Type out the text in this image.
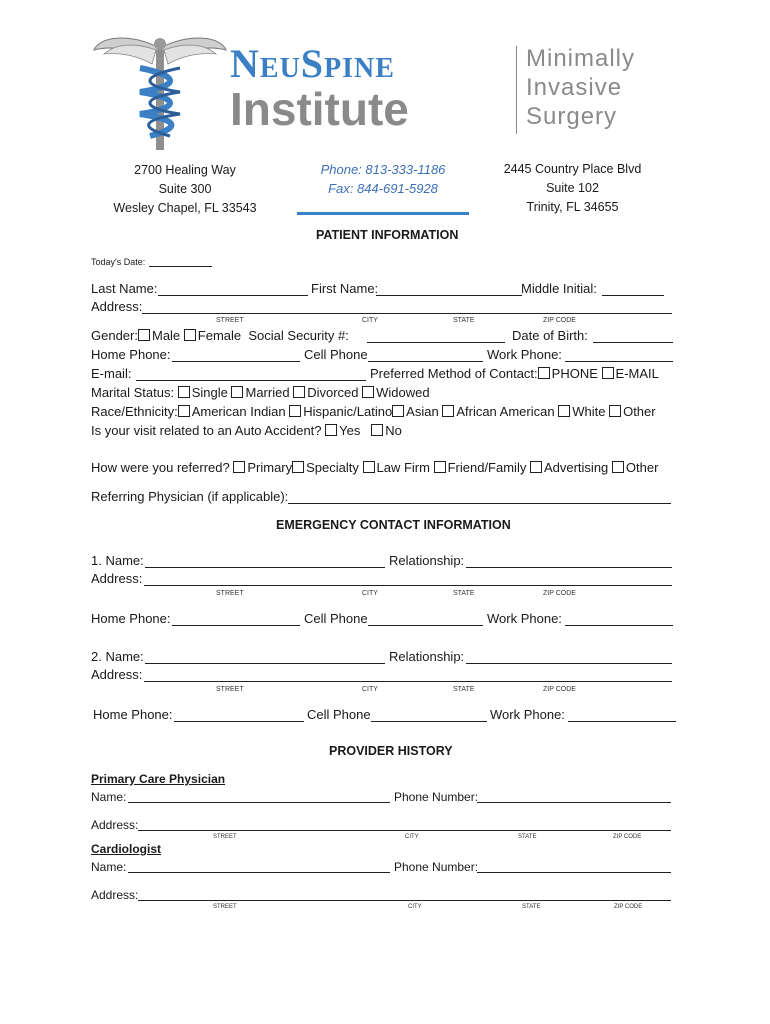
NeuSpine
Institute
Minimally
Invasive
Surgery
2700 Healing Way
Suite 300
Wesley Chapel, FL 33543
Phone: 813-333-1186
Fax: 844-691-5928
2445 Country Place Blvd
Suite 102
Trinity, FL 34655
PATIENT INFORMATION
Today's Date:
Last Name:	First Name:	Middle Initial:
Address:
STREET	CITY	STATE	ZIP CODE
Gender: Male Female Social Security #:	Date of Birth:
Home Phone:	Cell Phone	Work Phone:
E-mail:	Preferred Method of Contact: PHONE E-MAIL
Marital Status: Single Married Divorced Widowed
Race/Ethnicity: American Indian Hispanic/Latino Asian African American White Other
Is your visit related to an Auto Accident? Yes No
How were you referred? Primary Specialty Law Firm Friend/Family Advertising Other
Referring Physician (if applicable):
EMERGENCY CONTACT INFORMATION
1. Name:	Relationship:
Address:
STREET	CITY	STATE	ZIP CODE
Home Phone:	Cell Phone	Work Phone:
2. Name:	Relationship:
Address:
STREET	CITY	STATE	ZIP CODE
Home Phone:	Cell Phone	Work Phone:
PROVIDER HISTORY
Primary Care Physician
Name:	Phone Number:
Address:
STREET	CITY	STATE	ZIP CODE
Cardiologist
Name:	Phone Number:
Address:
STREET	CITY	STATE	ZIP CODE
